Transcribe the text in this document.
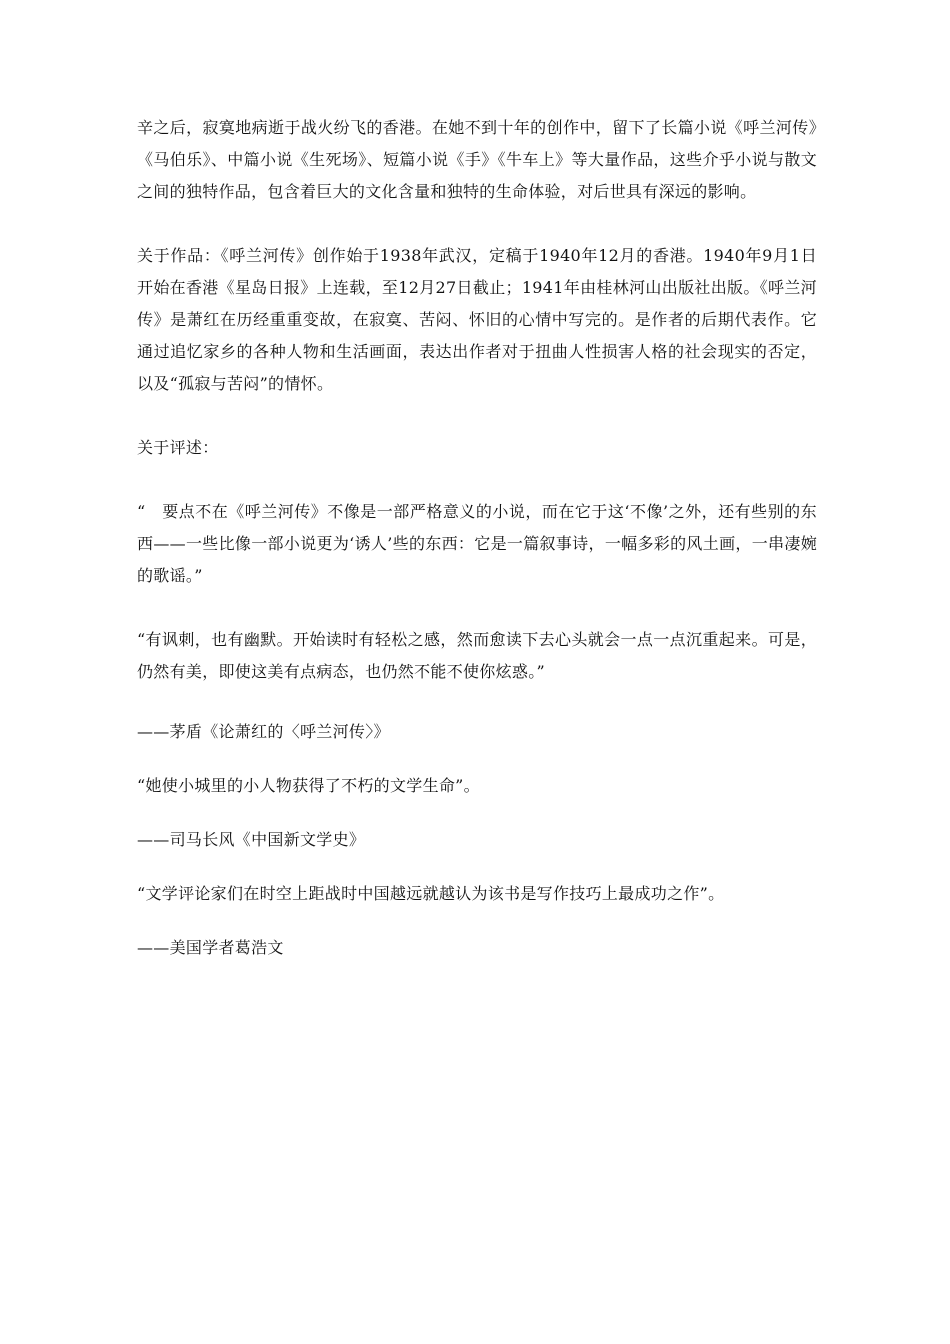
辛之后，寂寞地病逝于战火纷飞的香港。在她不到十年的创作中，留下了长篇小说《呼兰河传》《马伯乐》、中篇小说《生死场》、短篇小说《手》《牛车上》等大量作品，这些介乎小说与散文之间的独特作品，包含着巨大的文化含量和独特的生命体验，对后世具有深远的影响。

关于作品：《呼兰河传》创作始于1938年武汉，定稿于1940年12月的香港。1940年9月1日开始在香港《星岛日报》上连载，至12月27日截止；1941年由桂林河山出版社出版。《呼兰河传》是萧红在历经重重变故，在寂寞、苦闷、怀旧的心情中写完的。是作者的后期代表作。它通过追忆家乡的各种人物和生活画面，表达出作者对于扭曲人性损害人格的社会现实的否定，以及“孤寂与苦闷”的情怀。

关于评述：

“　要点不在《呼兰河传》不像是一部严格意义的小说，而在它于这‘不像’之外，还有些别的东西——一些比像一部小说更为‘诱人’些的东西：它是一篇叙事诗，一幅多彩的风土画，一串凄婉的歌谣。”

“有讽刺，也有幽默。开始读时有轻松之感，然而愈读下去心头就会一点一点沉重起来。可是，仍然有美，即使这美有点病态，也仍然不能不使你炫惑。”

——茅盾《论萧红的〈呼兰河传〉》

“她使小城里的小人物获得了不朽的文学生命”。

——司马长风《中国新文学史》

“文学评论家们在时空上距战时中国越远就越认为该书是写作技巧上最成功之作”。

——美国学者葛浩文
